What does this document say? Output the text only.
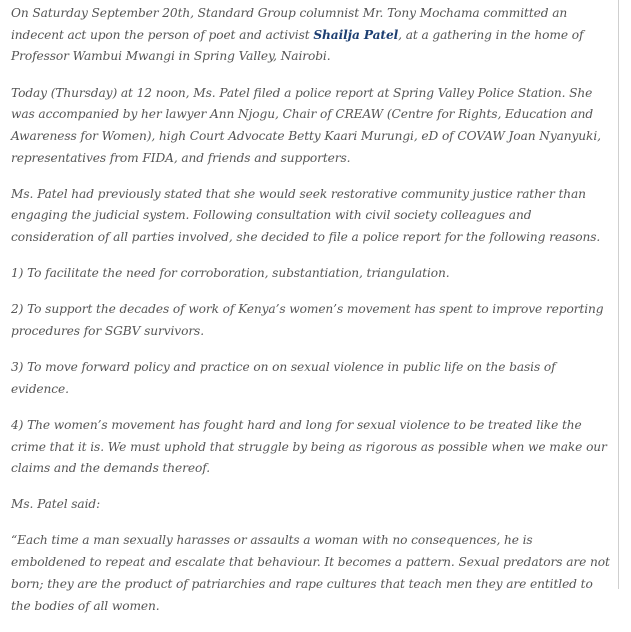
On Saturday September 20th, Standard Group columnist Mr. Tony Mochama committed an indecent act upon the person of poet and activist Shailja Patel, at a gathering in the home of Professor Wambui Mwangi in Spring Valley, Nairobi.

Today (Thursday) at 12 noon, Ms. Patel filed a police report at Spring Valley Police Station. She was accompanied by her lawyer Ann Njogu, Chair of CREAW (Centre for Rights, Education and Awareness for Women), high Court Advocate Betty Kaari Murungi, eD of COVAW Joan Nyanyuki, representatives from FIDA, and friends and supporters.

Ms. Patel had previously stated that she would seek restorative community justice rather than engaging the judicial system. Following consultation with civil society colleagues and consideration of all parties involved, she decided to file a police report for the following reasons.

1) To facilitate the need for corroboration, substantiation, triangulation.

2) To support the decades of work of Kenya’s women’s movement has spent to improve reporting procedures for SGBV survivors.

3) To move forward policy and practice on on sexual violence in public life on the basis of evidence.

4) The women’s movement has fought hard and long for sexual violence to be treated like the crime that it is. We must uphold that struggle by being as rigorous as possible when we make our claims and the demands thereof.

Ms. Patel said:

“Each time a man sexually harasses or assaults a woman with no consequences, he is emboldened to repeat and escalate that behaviour. It becomes a pattern. Sexual predators are not born; they are the product of patriarchies and rape cultures that teach men they are entitled to the bodies of all women.
